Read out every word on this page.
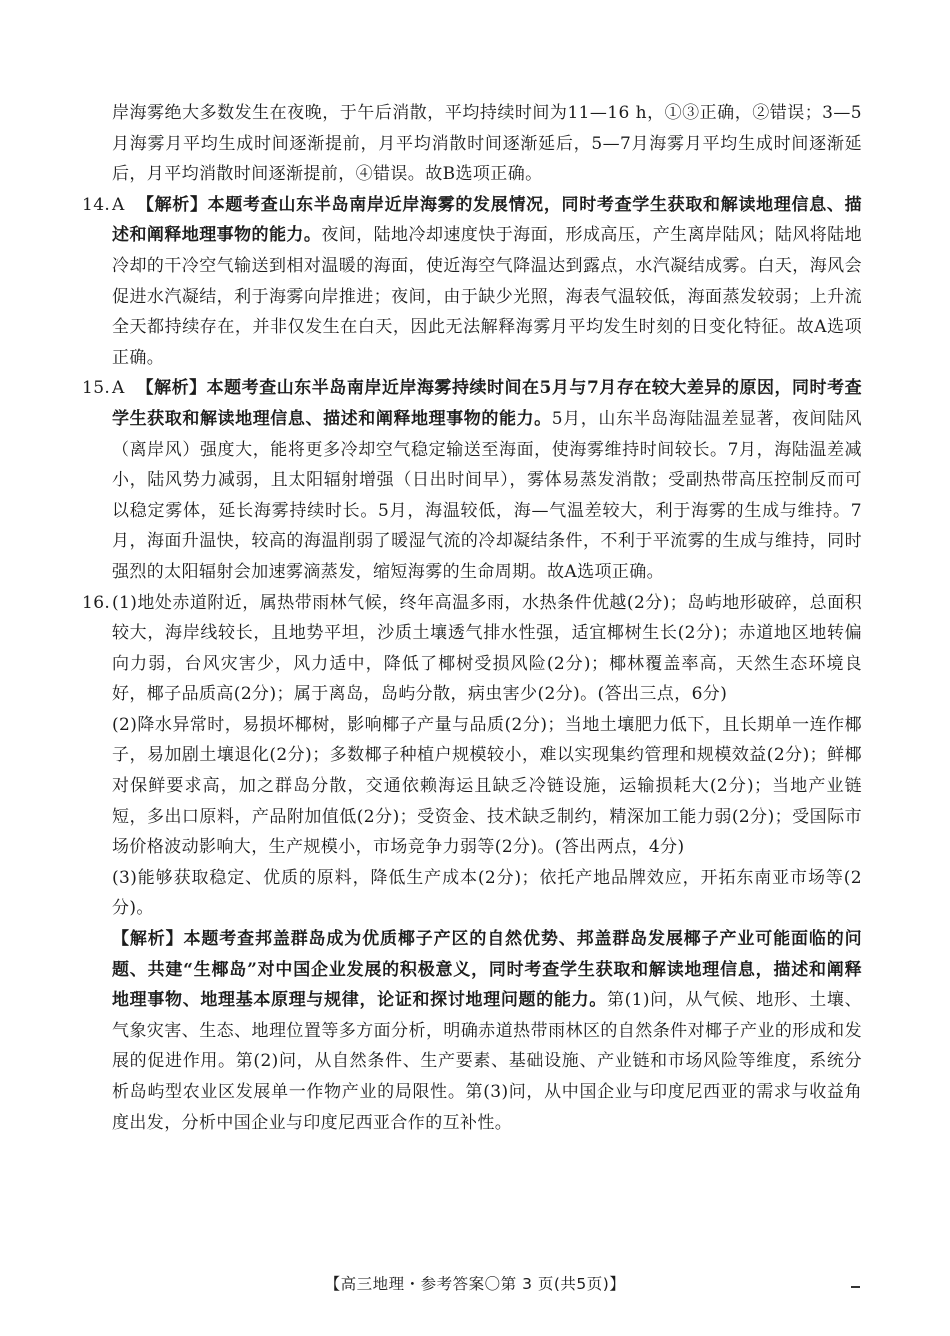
岸海雾绝大多数发生在夜晚，于午后消散，平均持续时间为11—16 h，①③正确，②错误；3—5月海雾月平均生成时间逐渐提前，月平均消散时间逐渐延后，5—7月海雾月平均生成时间逐渐延后，月平均消散时间逐渐提前，④错误。故B选项正确。

14. A 【解析】本题考查山东半岛南岸近岸海雾的发展情况，同时考查学生获取和解读地理信息、描述和阐释地理事物的能力。夜间，陆地冷却速度快于海面，形成高压，产生离岸陆风；陆风将陆地冷却的干冷空气输送到相对温暖的海面，使近海空气降温达到露点，水汽凝结成雾。白天，海风会促进水汽凝结，利于海雾向岸推进；夜间，由于缺少光照，海表气温较低，海面蒸发较弱；上升流全天都持续存在，并非仅发生在白天，因此无法解释海雾月平均发生时刻的日变化特征。故A选项正确。

15. A 【解析】本题考查山东半岛南岸近岸海雾持续时间在5月与7月存在较大差异的原因，同时考查学生获取和解读地理信息、描述和阐释地理事物的能力。5月，山东半岛海陆温差显著，夜间陆风（离岸风）强度大，能将更多冷却空气稳定输送至海面，使海雾维持时间较长。7月，海陆温差减小，陆风势力减弱，且太阳辐射增强（日出时间早），雾体易蒸发消散；受副热带高压控制反而可以稳定雾体，延长海雾持续时长。5月，海温较低，海—气温差较大，利于海雾的生成与维持。7月，海面升温快，较高的海温削弱了暖湿气流的冷却凝结条件，不利于平流雾的生成与维持，同时强烈的太阳辐射会加速雾滴蒸发，缩短海雾的生命周期。故A选项正确。

16. (1)地处赤道附近，属热带雨林气候，终年高温多雨，水热条件优越(2分)；岛屿地形破碎，总面积较大，海岸线较长，且地势平坦，沙质土壤透气排水性强，适宜椰树生长(2分)；赤道地区地转偏向力弱，台风灾害少，风力适中，降低了椰树受损风险(2分)；椰林覆盖率高，天然生态环境良好，椰子品质高(2分)；属于离岛，岛屿分散，病虫害少(2分)。(答出三点，6分)

(2)降水异常时，易损坏椰树，影响椰子产量与品质(2分)；当地土壤肥力低下，且长期单一连作椰子，易加剧土壤退化(2分)；多数椰子种植户规模较小，难以实现集约管理和规模效益(2分)；鲜椰对保鲜要求高，加之群岛分散，交通依赖海运且缺乏冷链设施，运输损耗大(2分)；当地产业链短，多出口原料，产品附加值低(2分)；受资金、技术缺乏制约，精深加工能力弱(2分)；受国际市场价格波动影响大，生产规模小，市场竞争力弱等(2分)。(答出两点，4分)

(3)能够获取稳定、优质的原料，降低生产成本(2分)；依托产地品牌效应，开拓东南亚市场等(2分)。

【解析】本题考查邦盖群岛成为优质椰子产区的自然优势、邦盖群岛发展椰子产业可能面临的问题、共建“生椰岛”对中国企业发展的积极意义，同时考查学生获取和解读地理信息，描述和阐释地理事物、地理基本原理与规律，论证和探讨地理问题的能力。第(1)问，从气候、地形、土壤、气象灾害、生态、地理位置等多方面分析，明确赤道热带雨林区的自然条件对椰子产业的形成和发展的促进作用。第(2)问，从自然条件、生产要素、基础设施、产业链和市场风险等维度，系统分析岛屿型农业区发展单一作物产业的局限性。第(3)问，从中国企业与印度尼西亚的需求与收益角度出发，分析中国企业与印度尼西亚合作的互补性。

【高三地理・参考答案〇第 3 页(共5页)】
